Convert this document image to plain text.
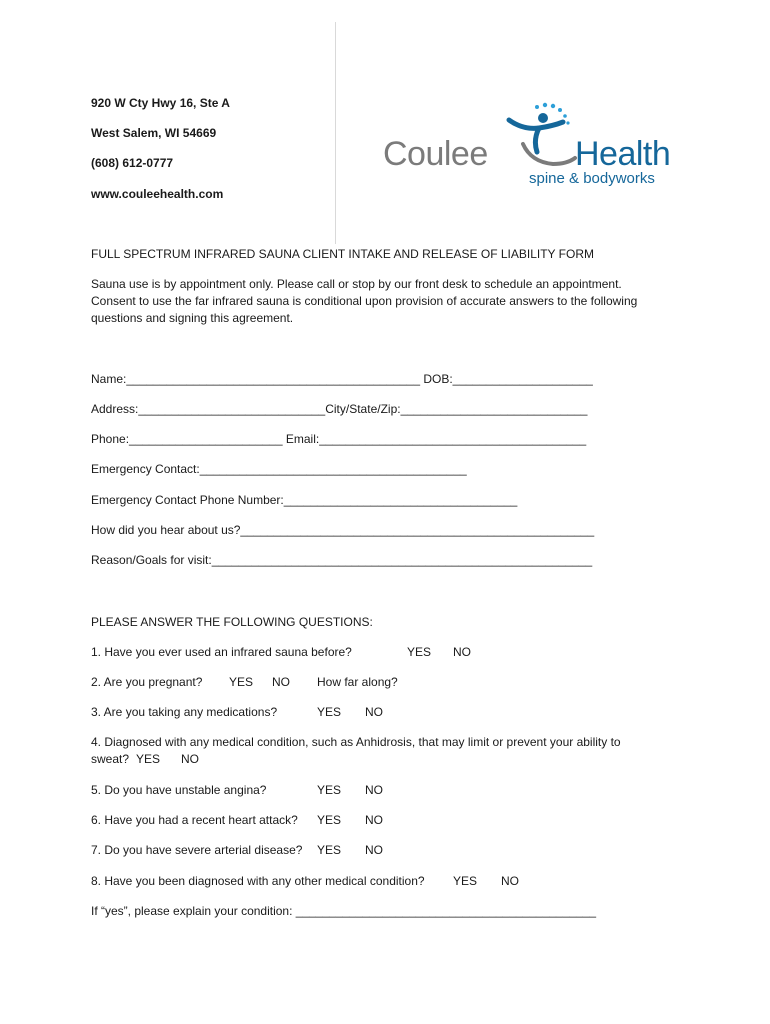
920 W Cty Hwy 16, Ste A
West Salem, WI 54669
(608) 612-0777
www.couleehealth.com
Coulee	Health
spine & bodyworks
FULL SPECTRUM INFRARED SAUNA CLIENT INTAKE AND RELEASE OF LIABILITY FORM
Sauna use is by appointment only. Please call or stop by our front desk to schedule an appointment.
Consent to use the far infrared sauna is conditional upon provision of accurate answers to the following
questions and signing this agreement.
Name:____________________________________________ DOB:_____________________
Address:____________________________City/State/Zip:____________________________
Phone:_______________________ Email:________________________________________
Emergency Contact:________________________________________
Emergency Contact Phone Number:___________________________________
How did you hear about us?_____________________________________________________
Reason/Goals for visit:_________________________________________________________
PLEASE ANSWER THE FOLLOWING QUESTIONS:
1. Have you ever used an infrared sauna before?	YES NO
2. Are you pregnant? YES NO How far along?
3. Are you taking any medications?	YES NO
4. Diagnosed with any medical condition, such as Anhidrosis, that may limit or prevent your ability to
sweat? YES NO
5. Do you have unstable angina?	YES NO
6. Have you had a recent heart attack? YES NO
7. Do you have severe arterial disease? YES NO
8. Have you been diagnosed with any other medical condition? YES NO
If “yes”, please explain your condition: _____________________________________________
